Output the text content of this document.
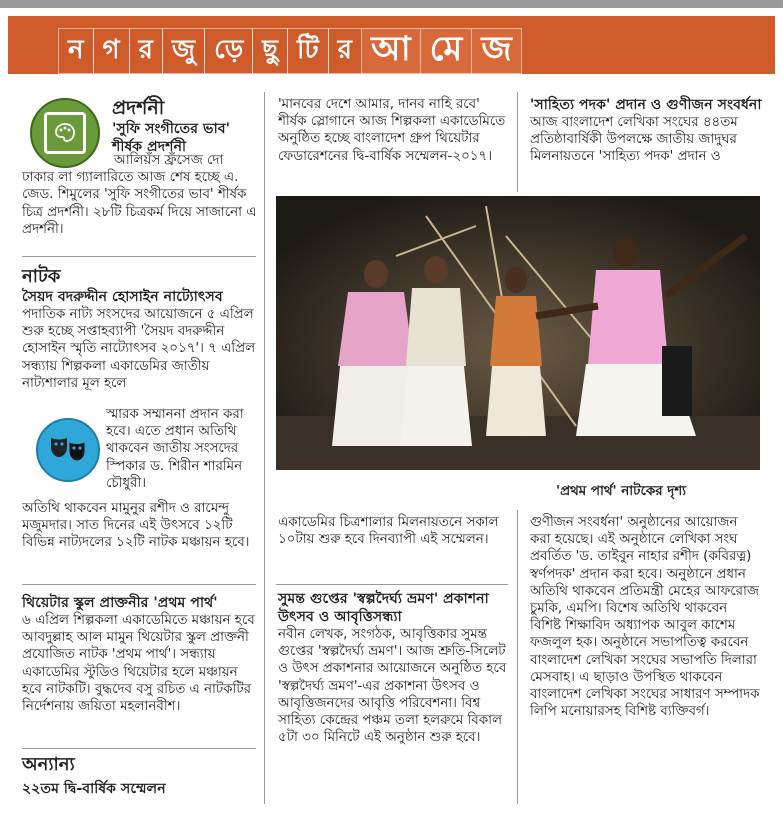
ন গ র জু ড়ে ছু টি র আ মে জ

প্রদর্শনী

'সুফি সংগীতের ভাব'

শীর্ষক প্রদর্শনী

আলিয়ঁস ফ্রঁসেজ দো ঢাকার লা গ্যালারিতে আজ শেষ হচ্ছে এ. জেড. শিমুলের 'সুফি সংগীতের ভাব' শীর্ষক চিত্র প্রদর্শনী। ২৮টি চিত্রকর্ম দিয়ে সাজানো এ প্রদর্শনী।

নাটক

সৈয়দ বদরুদ্দীন হোসাইন নাট্যোৎসব

পদাতিক নাট্য সংসদের আয়োজনে ৫ এপ্রিল শুরু হচ্ছে সপ্তাহব্যাপী 'সৈয়দ বদরুদ্দীন হোসাইন স্মৃতি নাট্যোৎসব ২০১৭'। ৭ এপ্রিল সন্ধ্যায় শিল্পকলা একাডেমির জাতীয় নাট্যশালার মূল হলে

স্মারক সম্মাননা প্রদান করা হবে। এতে প্রধান অতিথি থাকবেন জাতীয় সংসদের স্পিকার ড. শিরীন শারমিন চৌধুরী।

অতিথি থাকবেন মামুনুর রশীদ ও রামেন্দু মজুমদার। সাত দিনের এই উৎসবে ১২টি বিভিন্ন নাট্যদলের ১২টি নাটক মঞ্চায়ন হবে।

থিয়েটার স্কুল প্রাক্তনীর 'প্রথম পার্থ'

৬ এপ্রিল শিল্পকলা একাডেমিতে মঞ্চায়ন হবে আবদুল্লাহ আল মামুন থিয়েটার স্কুল প্রাক্তনী প্রযোজিত নাটক 'প্রথম পার্থ'। সন্ধ্যায় একাডেমির স্টুডিও থিয়েটার হলে মঞ্চায়ন হবে নাটকটি। বুদ্ধদেব বসু রচিত এ নাটকটির নির্দেশনায় জয়িতা মহলানবীশ।

অন্যান্য

২২তম দ্বি-বার্ষিক সম্মেলন

'মানবের দেশে আমার, দানব নাহি রবে' শীর্ষক স্লোগানে আজ শিল্পকলা একাডেমিতে অনুষ্ঠিত হচ্ছে বাংলাদেশ গ্রুপ থিয়েটার ফেডারেশনের দ্বি-বার্ষিক সম্মেলন-২০১৭।

'প্রথম পার্থ' নাটকের দৃশ্য

একাডেমির চিত্রশালার মিলনায়তনে সকাল ১০টায় শুরু হবে দিনব্যাপী এই সম্মেলন।

সুমন্ত গুপ্তের 'স্বল্পদৈর্ঘ্য ভ্রমণ' প্রকাশনা উৎসব ও আবৃত্তিসন্ধ্যা

নবীন লেখক, সংগঠক, আবৃত্তিকার সুমন্ত গুপ্তের 'স্বল্পদৈর্ঘ্য ভ্রমণ'। আজ শ্রুতি-সিলেট ও উৎস প্রকাশনার আয়োজনে অনুষ্ঠিত হবে 'স্বল্পদৈর্ঘ্য ভ্রমণ'-এর প্রকাশনা উৎসব ও আবৃত্তিজনদের আবৃত্তি পরিবেশনা। বিশ্ব সাহিত্য কেন্দ্রের পঞ্চম তলা হলরুমে বিকাল ৫টা ৩০ মিনিটে এই অনুষ্ঠান শুরু হবে।

'সাহিত্য পদক' প্রদান ও গুণীজন সংবর্ধনা

আজ বাংলাদেশ লেখিকা সংঘের ৪৪তম প্রতিষ্ঠাবার্ষিকী উপলক্ষে জাতীয় জাদুঘর মিলনায়তনে 'সাহিত্য পদক' প্রদান ও

গুণীজন সংবর্ধনা' অনুষ্ঠানের আয়োজন করা হয়েছে। এই অনুষ্ঠানে লেখিকা সংঘ প্রবর্তিত 'ড. তাইবুন নাহার রশীদ (কবিরত্ন) স্বর্ণপদক' প্রদান করা হবে। অনুষ্ঠানে প্রধান অতিথি থাকবেন প্রতিমন্ত্রী মেহের আফরোজ চুমকি, এমপি। বিশেষ অতিথি থাকবেন বিশিষ্ট শিক্ষাবিদ অধ্যাপক আবুল কাশেম ফজলুল হক। অনুষ্ঠানে সভাপতিত্ব করবেন বাংলাদেশ লেখিকা সংঘের সভাপতি দিলারা মেসবাহ। এ ছাড়াও উপস্থিত থাকবেন বাংলাদেশ লেখিকা সংঘের সাধারণ সম্পাদক লিপি মনোয়ারসহ বিশিষ্ট ব্যক্তিবর্গ।
